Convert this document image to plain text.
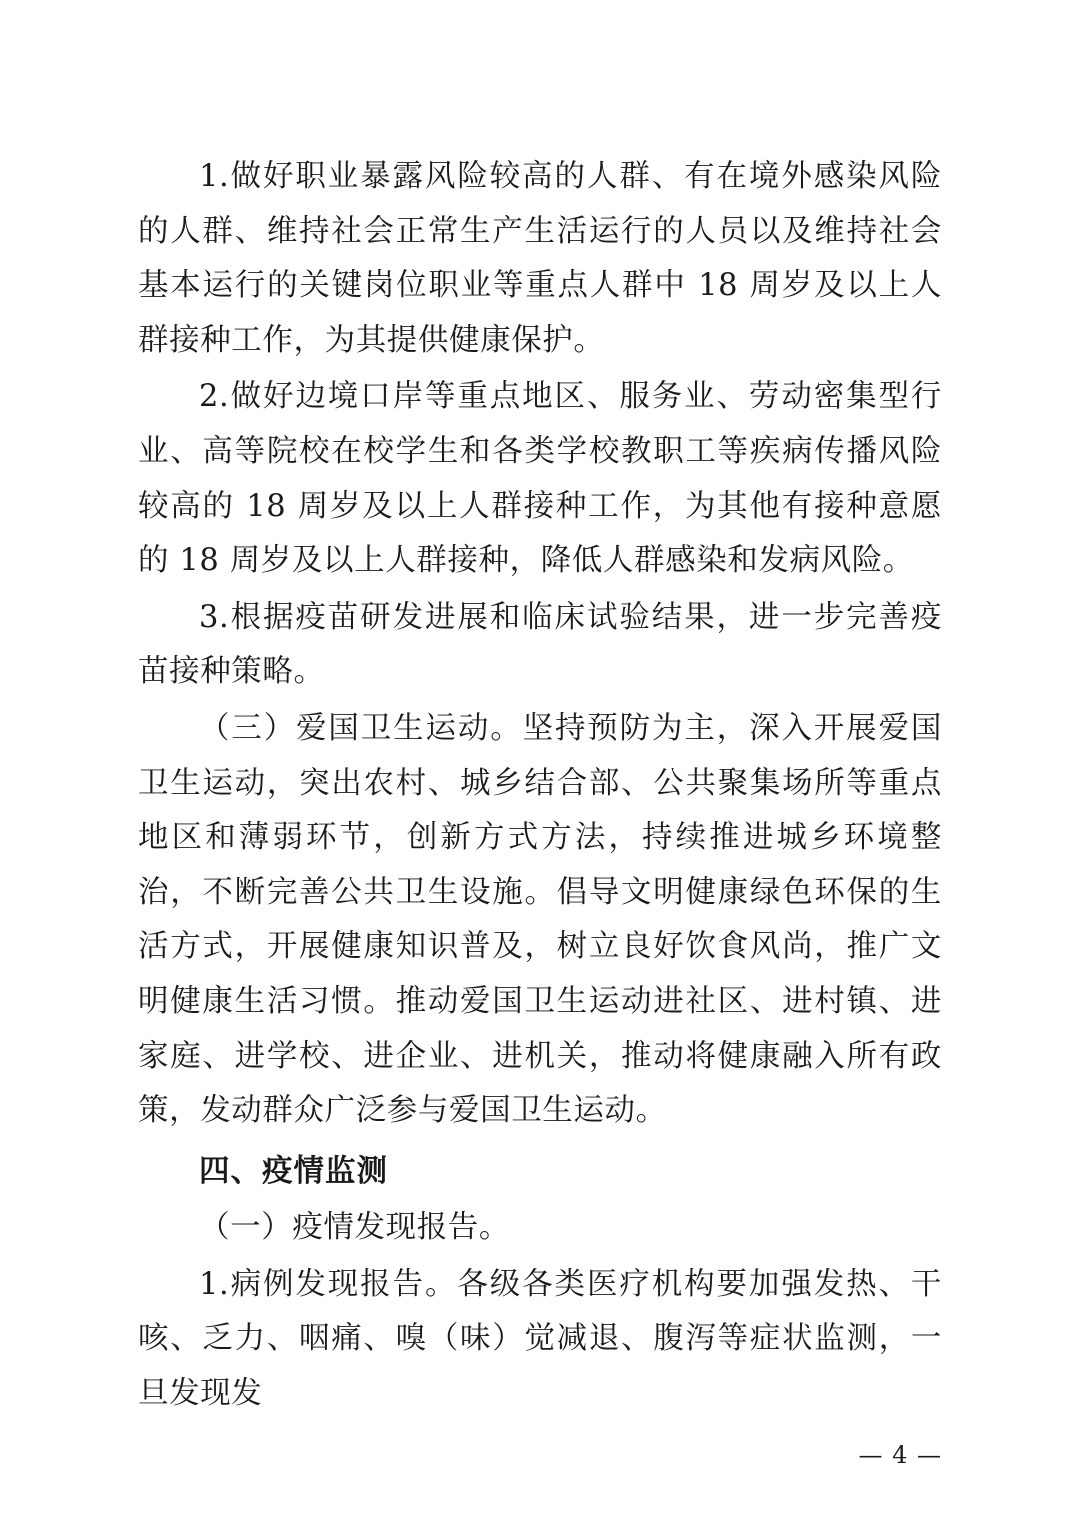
1.做好职业暴露风险较高的人群、有在境外感染风险的人群、维持社会正常生产生活运行的人员以及维持社会基本运行的关键岗位职业等重点人群中 18 周岁及以上人群接种工作，为其提供健康保护。

2.做好边境口岸等重点地区、服务业、劳动密集型行业、高等院校在校学生和各类学校教职工等疾病传播风险较高的 18 周岁及以上人群接种工作，为其他有接种意愿的 18 周岁及以上人群接种，降低人群感染和发病风险。

3.根据疫苗研发进展和临床试验结果，进一步完善疫苗接种策略。

（三）爱国卫生运动。坚持预防为主，深入开展爱国卫生运动，突出农村、城乡结合部、公共聚集场所等重点地区和薄弱环节，创新方式方法，持续推进城乡环境整治，不断完善公共卫生设施。倡导文明健康绿色环保的生活方式，开展健康知识普及，树立良好饮食风尚，推广文明健康生活习惯。推动爱国卫生运动进社区、进村镇、进家庭、进学校、进企业、进机关，推动将健康融入所有政策，发动群众广泛参与爱国卫生运动。

四、疫情监测

（一）疫情发现报告。

1.病例发现报告。各级各类医疗机构要加强发热、干咳、乏力、咽痛、嗅（味）觉减退、腹泻等症状监测，一旦发现发

— 4 —
